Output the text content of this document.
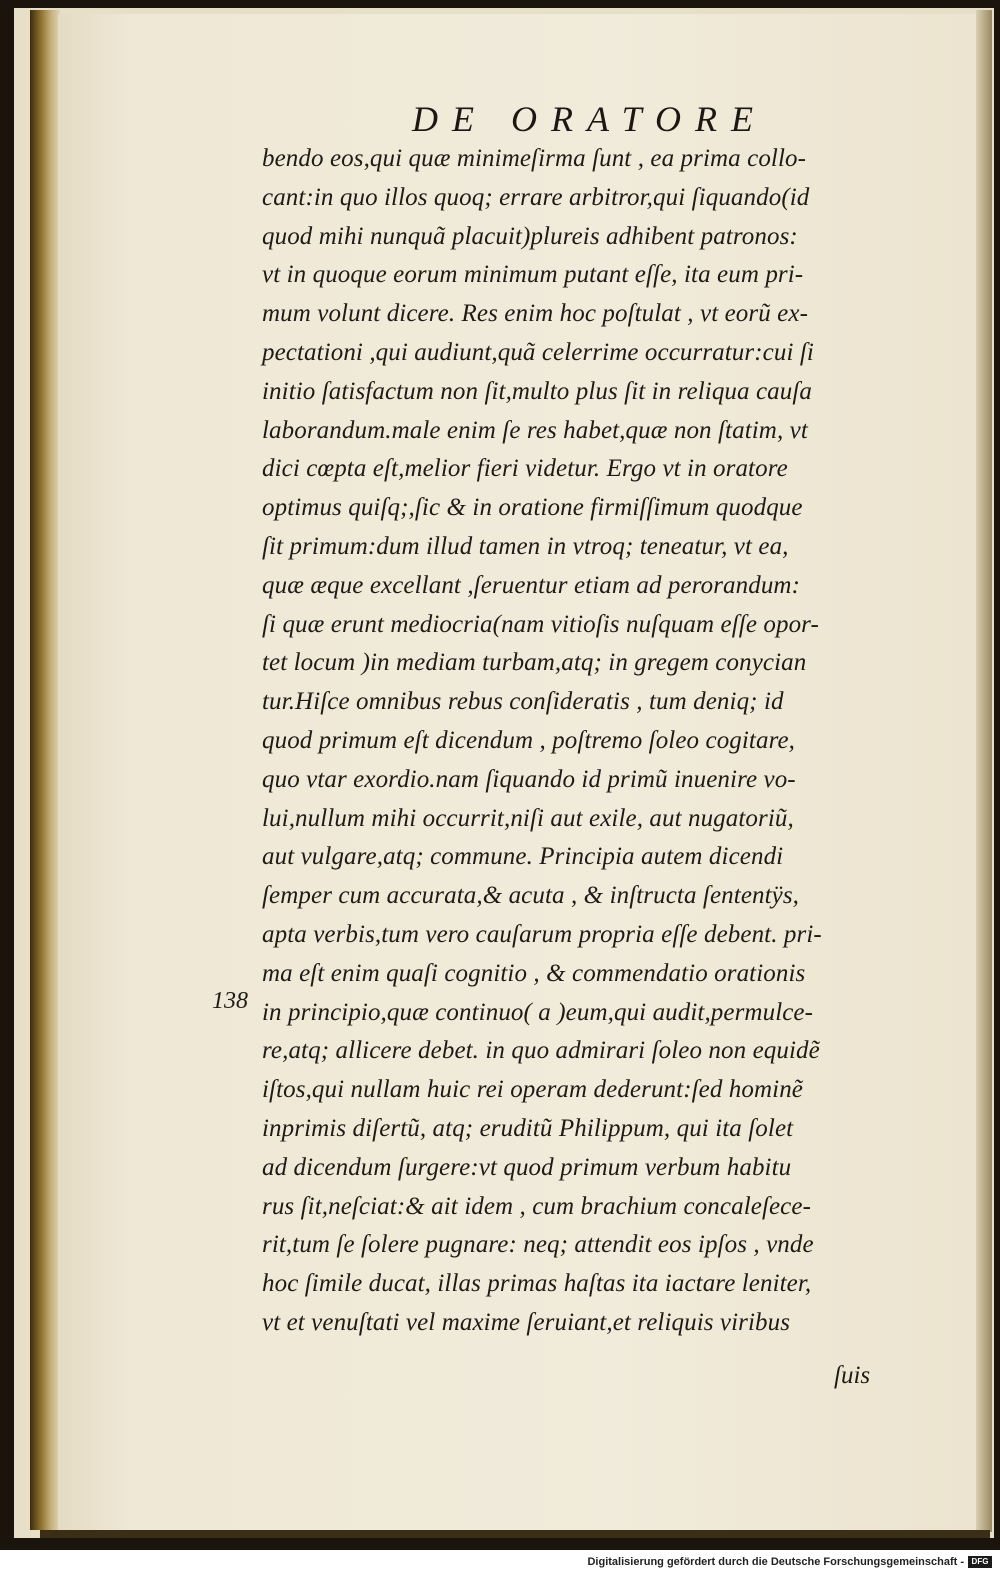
DE ORATORE
bendo eos,qui quæ minimeſirma ſunt , ea prima collo-
cant:in quo illos quoq; errare arbitror,qui ſiquando(id
quod mihi nunquã placuit)plureis adhibent patronos:
vt in quoque eorum minimum putant eſſe, ita eum pri-
mum volunt dicere. Res enim hoc poſtulat , vt eorũ ex-
pectationi ,qui audiunt,quã celerrime occurratur:cui ſi
initio ſatisfactum non ſit,multo plus ſit in reliqua cauſa
laborandum.male enim ſe res habet,quæ non ſtatim, vt
dici cœpta eſt,melior fieri videtur. Ergo vt in oratore
optimus quiſq;,ſic & in oratione firmiſſimum quodque
ſit primum:dum illud tamen in vtroq; teneatur, vt ea,
quæ æque excellant ,ſeruentur etiam ad perorandum:
ſi quæ erunt mediocria(nam vitioſis nuſquam eſſe opor-
tet locum )in mediam turbam,atq; in gregem conycian
tur.Hiſce omnibus rebus conſideratis , tum deniq; id
quod primum eſt dicendum , poſtremo ſoleo cogitare,
quo vtar exordio.nam ſiquando id primũ inuenire vo-
lui,nullum mihi occurrit,niſi aut exile, aut nugatoriũ,
aut vulgare,atq; commune. Principia autem dicendi
ſemper cum accurata,& acuta , & inſtructa ſententÿs,
apta verbis,tum vero cauſarum propria eſſe debent. pri-
ma eſt enim quaſi cognitio , & commendatio orationis
in principio,quæ continuo( a )eum,qui audit,permulce-
re,atq; allicere debet. in quo admirari ſoleo non equidẽ
iſtos,qui nullam huic rei operam dederunt:ſed hominẽ
inprimis diſertũ, atq; eruditũ Philippum, qui ita ſolet
ad dicendum ſurgere:vt quod primum verbum habitu
rus ſit,neſciat:& ait idem , cum brachium concaleſece-
rit,tum ſe ſolere pugnare: neq; attendit eos ipſos , vnde
hoc ſimile ducat, illas primas haſtas ita iactare leniter,
vt et venuſtati vel maxime ſeruiant,et reliquis viribus
138
ſuis
Digitalisierung gefördert durch die Deutsche Forschungsgemeinschaft - DFG
